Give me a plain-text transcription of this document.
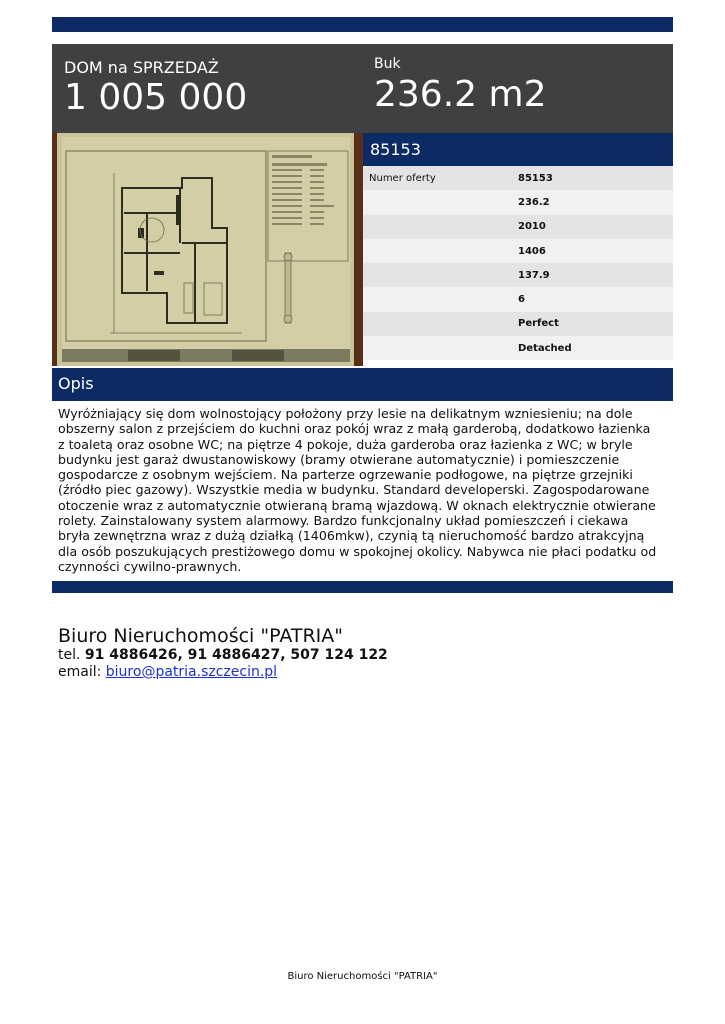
DOM na SPRZEDAŻ
1 005 000
Buk
236.2 m2
85153
Numer oferty	85153
236.2
2010
1406
137.9
6
Perfect
Detached
Opis
Wyróżniający się dom wolnostojący położony przy lesie na delikatnym wzniesieniu; na dole obszerny salon z przejściem do kuchni oraz pokój wraz z małą garderobą, dodatkowo łazienka z toaletą oraz osobne WC; na piętrze 4 pokoje, duża garderoba oraz łazienka z WC; w bryle budynku jest garaż dwustanowiskowy (bramy otwierane automatycznie) i pomieszczenie gospodarcze z osobnym wejściem. Na parterze ogrzewanie podłogowe, na piętrze grzejniki (źródło piec gazowy). Wszystkie media w budynku. Standard developerski. Zagospodarowane otoczenie wraz z automatycznie otwieraną bramą wjazdową. W oknach elektrycznie otwierane rolety. Zainstalowany system alarmowy. Bardzo funkcjonalny układ pomieszczeń i ciekawa bryła zewnętrzna wraz z dużą działką (1406mkw), czynią tą nieruchomość bardzo atrakcyjną dla osób poszukujących prestiżowego domu w spokojnej okolicy. Nabywca nie płaci podatku od czynności cywilno-prawnych.
Biuro Nieruchomości "PATRIA"
tel. 91 4886426, 91 4886427, 507 124 122
email: biuro@patria.szczecin.pl
Biuro Nieruchomości "PATRIA"
